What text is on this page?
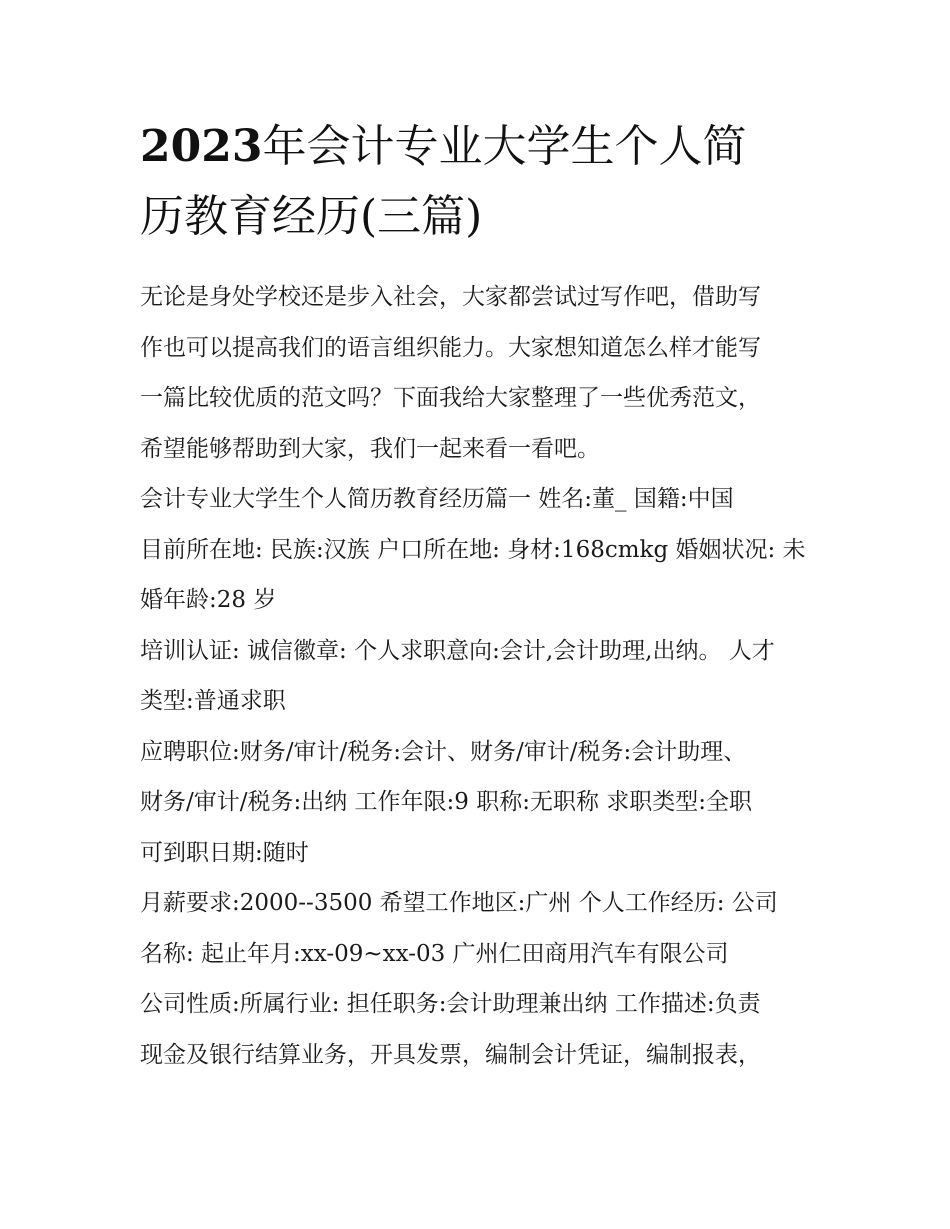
2023年会计专业大学生个人简
历教育经历(三篇)

无论是身处学校还是步入社会，大家都尝试过写作吧，借助写
作也可以提高我们的语言组织能力。大家想知道怎么样才能写
一篇比较优质的范文吗？下面我给大家整理了一些优秀范文，
希望能够帮助到大家，我们一起来看一看吧。

会计专业大学生个人简历教育经历篇一 姓名:董_ 国籍:中国

目前所在地: 民族:汉族 户口所在地: 身材:168cmkg 婚姻状况: 未
婚年龄:28 岁

培训认证: 诚信徽章: 个人求职意向:会计,会计助理,出纳。 人才
类型:普通求职

应聘职位:财务/审计/税务:会计、财务/审计/税务:会计助理、
财务/审计/税务:出纳 工作年限:9 职称:无职称 求职类型:全职
可到职日期:随时

月薪要求:2000--3500 希望工作地区:广州 个人工作经历: 公司
名称: 起止年月:xx-09~xx-03 广州仁田商用汽车有限公司

公司性质:所属行业: 担任职务:会计助理兼出纳 工作描述:负责
现金及银行结算业务，开具发票，编制会计凭证，编制报表，
